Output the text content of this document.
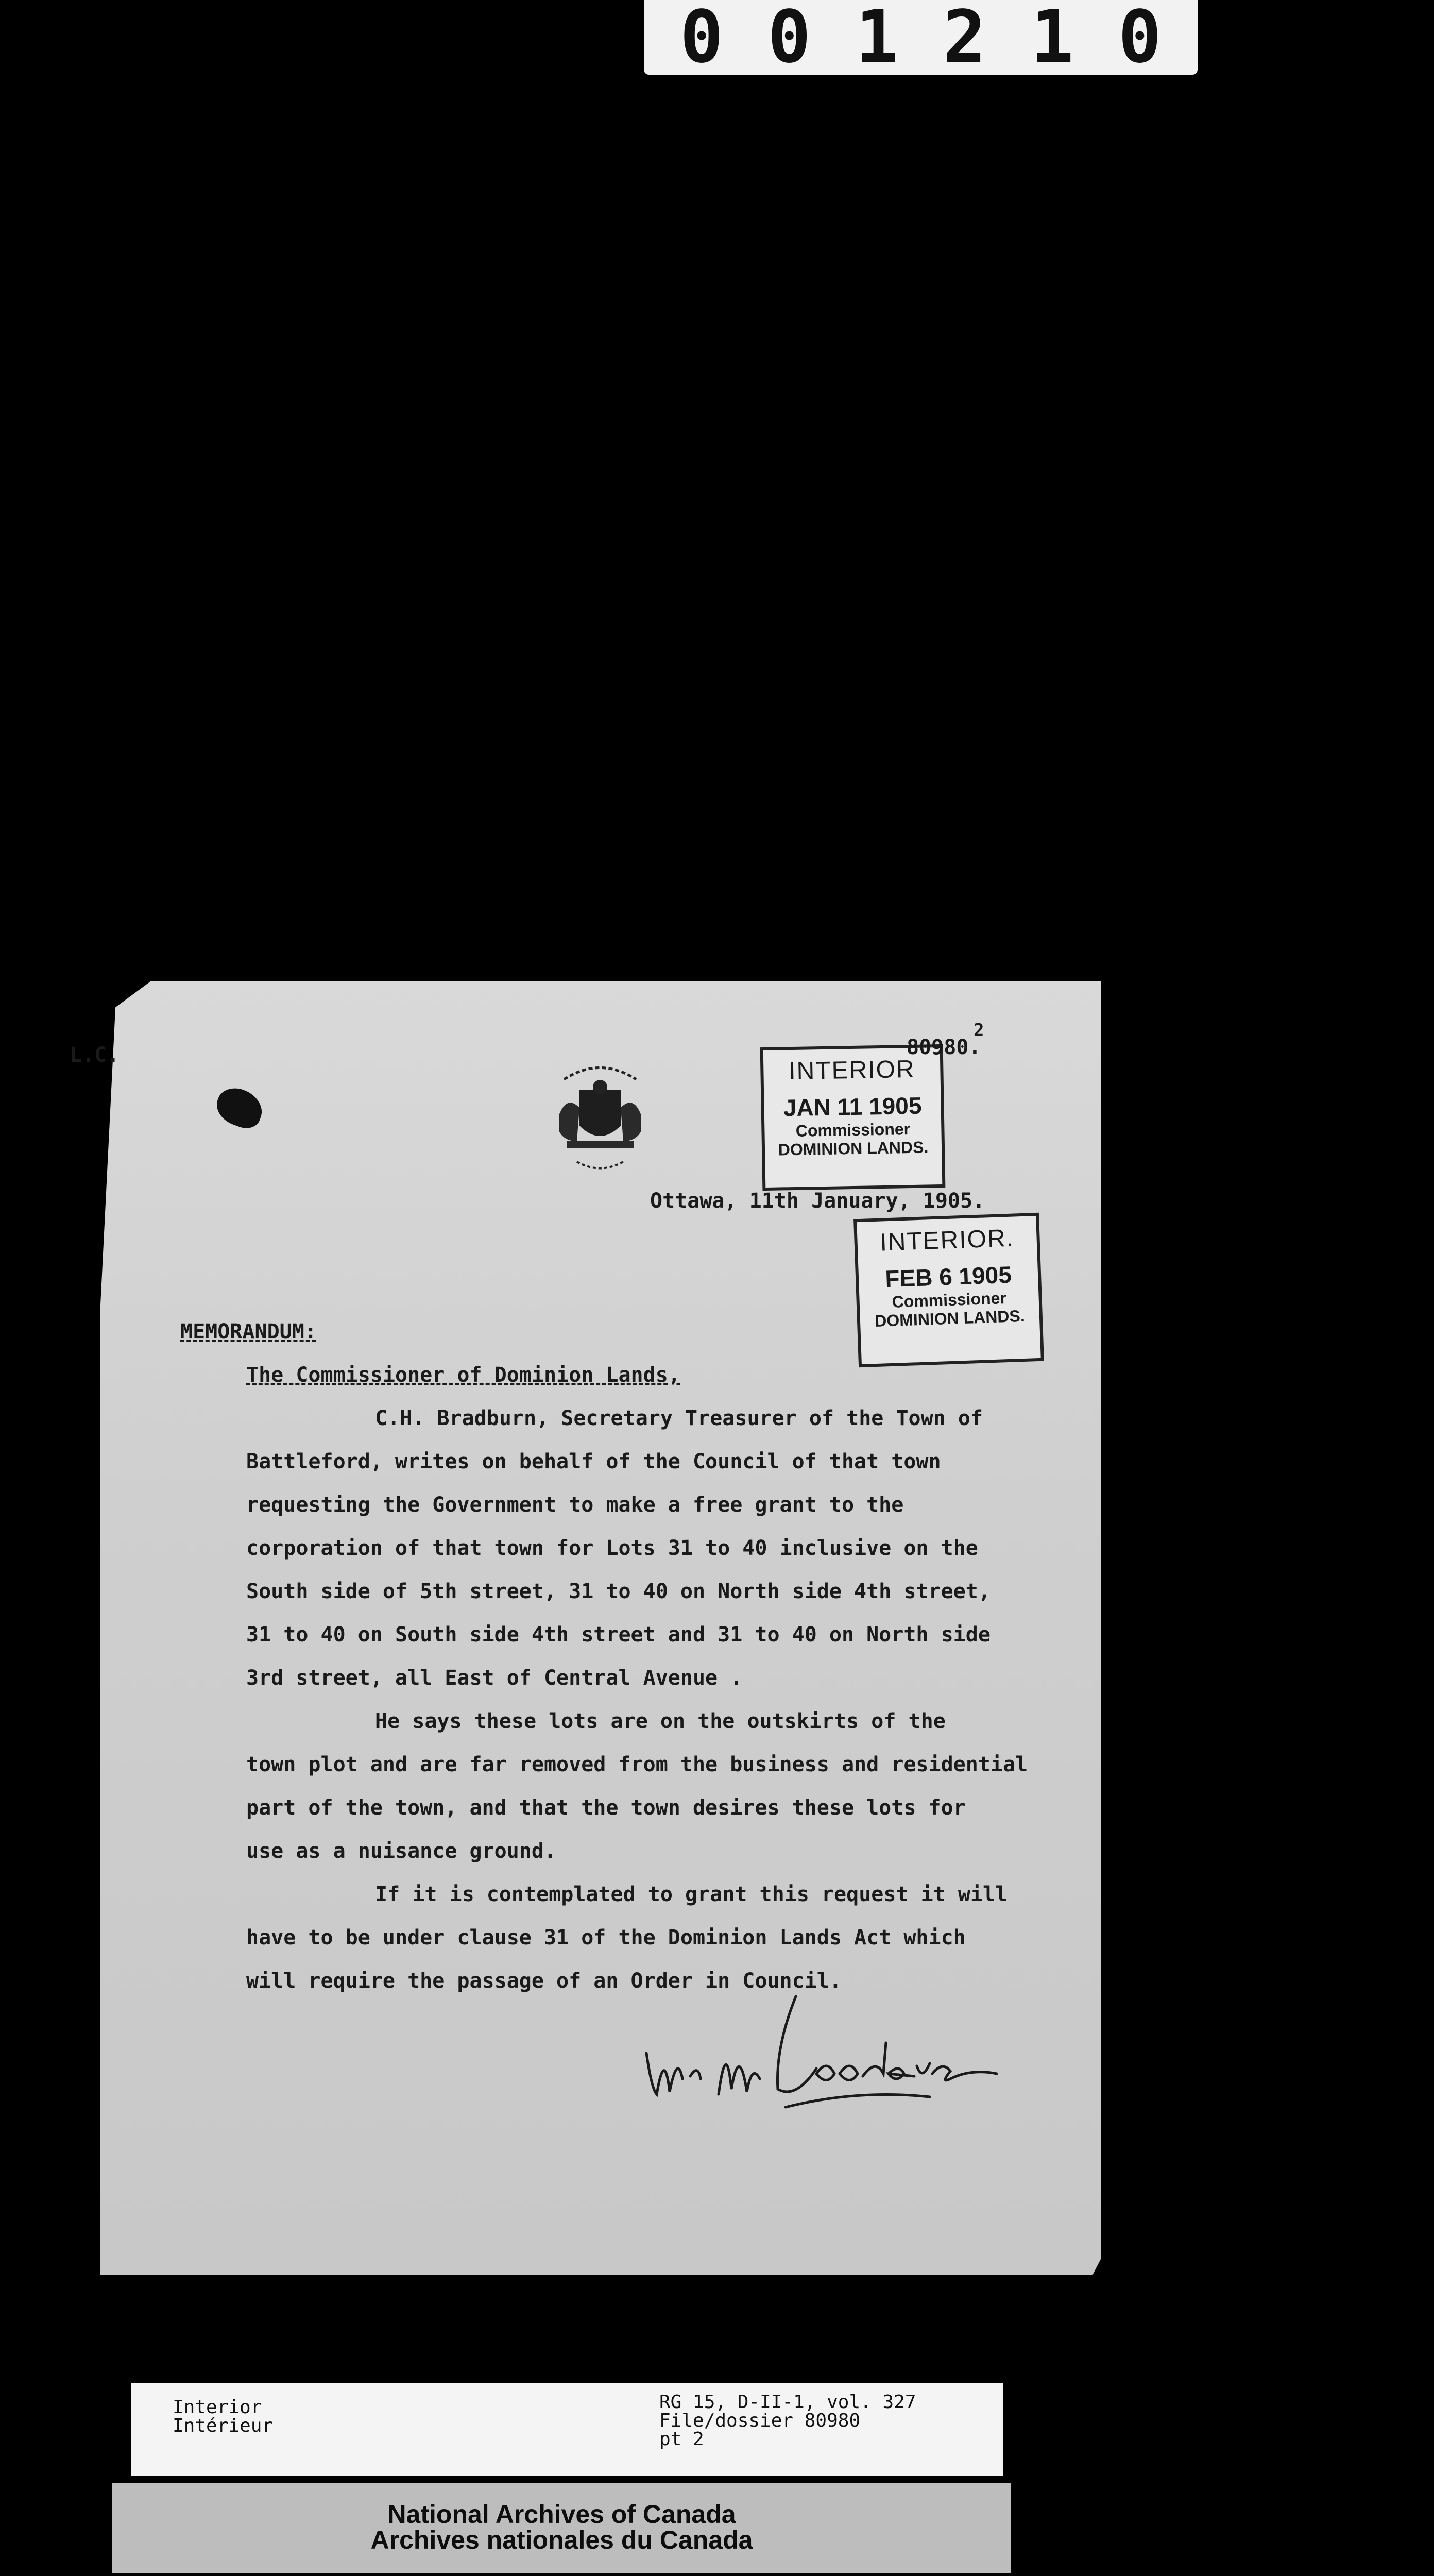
0 0 1 2 1 0
L.C.
INTERIOR
JAN 11 1905
Commissioner
DOMINION LANDS.
80980.
2
Ottawa, 11th January, 1905.
INTERIOR.
FEB 6 1905
Commissioner
DOMINION LANDS.
MEMORANDUM:
The Commissioner of Dominion Lands,
C.H. Bradburn, Secretary Treasurer of the Town of
Battleford, writes on behalf of the Council of that town
requesting the Government to make a free grant to the
corporation of that town for Lots 31 to 40 inclusive on the
South side of 5th street, 31 to 40 on North side 4th street,
31 to 40 on South side 4th street and 31 to 40 on North side
3rd street, all East of Central Avenue .
He says these lots are on the outskirts of the
town plot and are far removed from the business and residential
part of the town, and that the town desires these lots for
use as a nuisance ground.
If it is contemplated to grant this request it will
have to be under clause 31 of the Dominion Lands Act which
will require the passage of an Order in Council.
Interior
Intérieur
RG 15, D-II-1, vol. 327
File/dossier 80980
pt 2
National Archives of Canada
Archives nationales du Canada
